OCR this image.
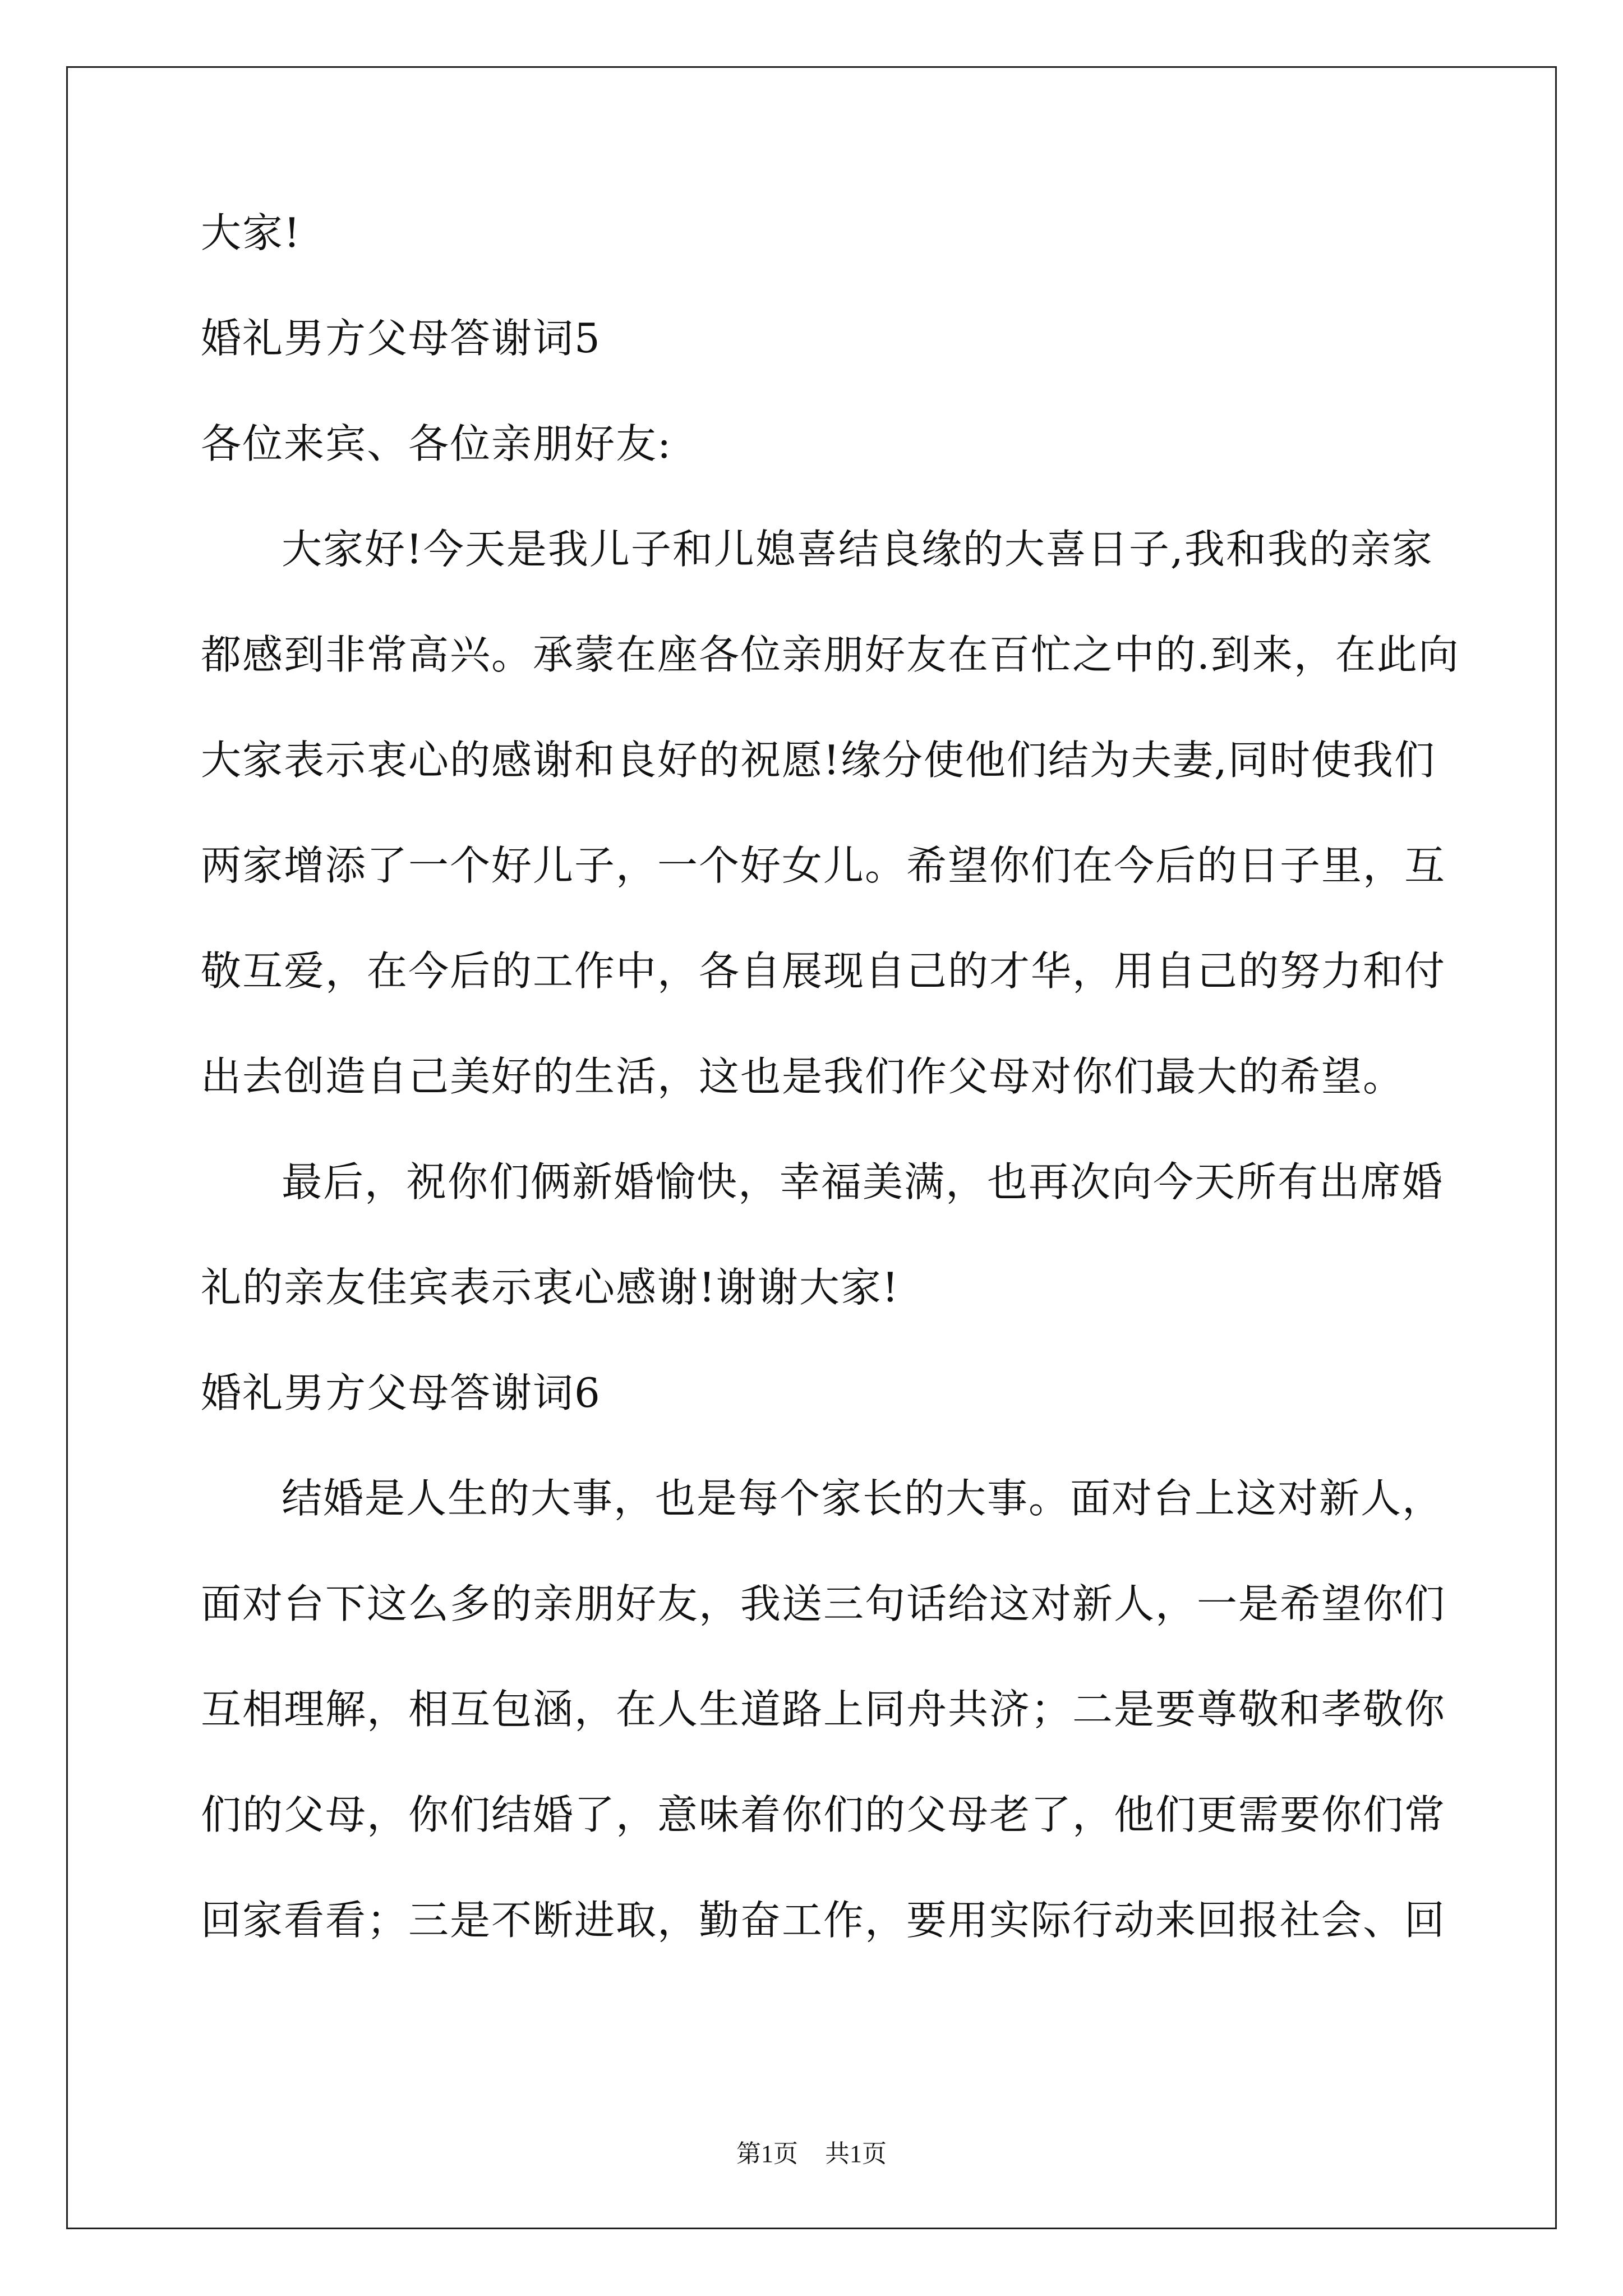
大家!
婚礼男方父母答谢词5
各位来宾、各位亲朋好友:
大家好!今天是我儿子和儿媳喜结良缘的大喜日子,我和我的亲家
都感到非常高兴。承蒙在座各位亲朋好友在百忙之中的.到来，在此向
大家表示衷心的感谢和良好的祝愿!缘分使他们结为夫妻,同时使我们
两家增添了一个好儿子，一个好女儿。希望你们在今后的日子里，互
敬互爱，在今后的工作中，各自展现自己的才华，用自己的努力和付
出去创造自己美好的生活，这也是我们作父母对你们最大的希望。
最后，祝你们俩新婚愉快，幸福美满，也再次向今天所有出席婚
礼的亲友佳宾表示衷心感谢!谢谢大家!
婚礼男方父母答谢词6
结婚是人生的大事，也是每个家长的大事。面对台上这对新人，
面对台下这么多的亲朋好友，我送三句话给这对新人，一是希望你们
互相理解，相互包涵，在人生道路上同舟共济；二是要尊敬和孝敬你
们的父母，你们结婚了，意味着你们的父母老了，他们更需要你们常
回家看看；三是不断进取，勤奋工作，要用实际行动来回报社会、回
第1页 共1页
